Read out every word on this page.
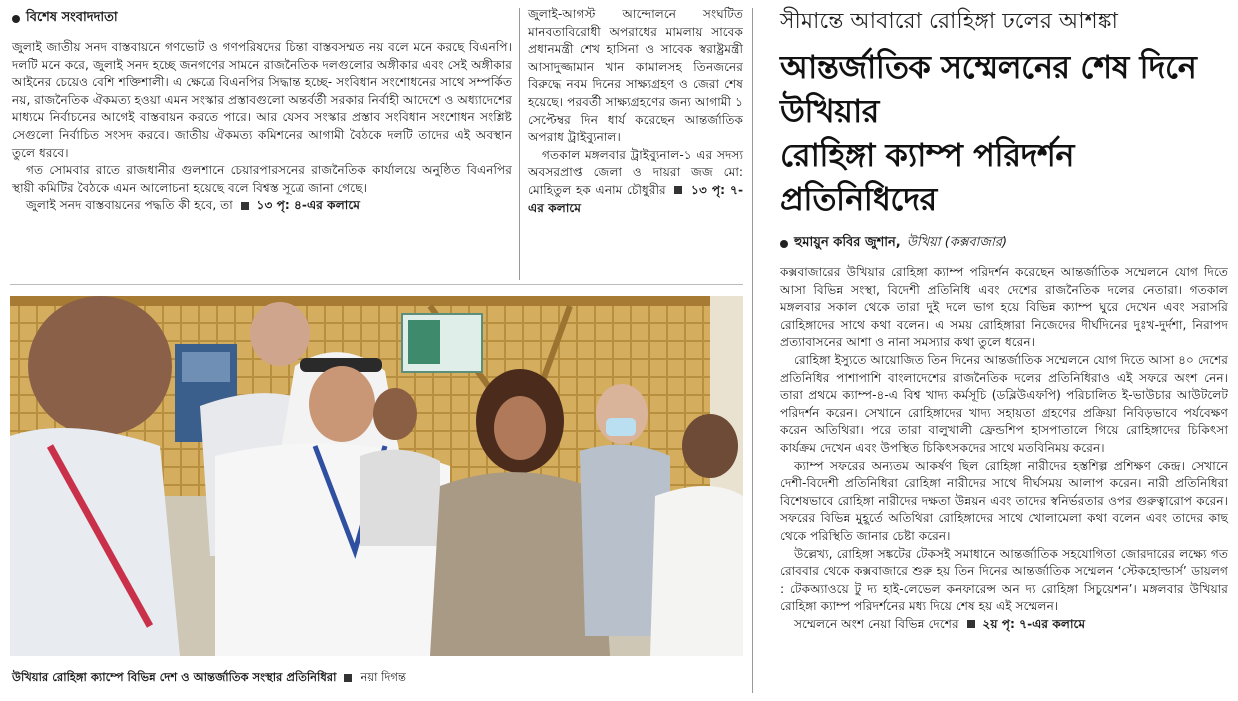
বিশেষ সংবাদদাতা

জুলাই জাতীয় সনদ বাস্তবায়নে গণভোট ও গণপরিষদের চিন্তা বাস্তবসম্মত নয় বলে মনে করছে বিএনপি। দলটি মনে করে, জুলাই সনদ হচ্ছে জনগণের সামনে রাজনৈতিক দলগুলোর অঙ্গীকার এবং সেই অঙ্গীকার আইনের চেয়েও বেশি শক্তিশালী। এ ক্ষেত্রে বিএনপির সিদ্ধান্ত হচ্ছে- সংবিধান সংশোধনের সাথে সম্পর্কিত নয়, রাজনৈতিক ঐকমত্য হওয়া এমন সংস্কার প্রস্তাবগুলো অন্তর্বর্তী সরকার নির্বাহী আদেশে ও অধ্যাদেশের মাধ্যমে নির্বাচনের আগেই বাস্তবায়ন করতে পারে। আর যেসব সংস্কার প্রস্তাব সংবিধান সংশোধন সংশ্লিষ্ট সেগুলো নির্বাচিত সংসদ করবে। জাতীয় ঐকমত্য কমিশনের আগামী বৈঠকে দলটি তাদের এই অবস্থান তুলে ধরবে।

গত সোমবার রাতে রাজধানীর গুলশানে চেয়ারপারসনের রাজনৈতিক কার্যালয়ে অনুষ্ঠিত বিএনপির স্থায়ী কমিটির বৈঠকে এমন আলোচনা হয়েছে বলে বিশ্বস্ত সূত্রে জানা গেছে।

জুলাই সনদ বাস্তবায়নের পদ্ধতি কী হবে, তা ১৩ পৃ: ৪-এর কলামে

জুলাই-আগস্ট আন্দোলনে সংঘটিত মানবতাবিরোধী অপরাধের মামলায় সাবেক প্রধানমন্ত্রী শেখ হাসিনা ও সাবেক স্বরাষ্ট্রমন্ত্রী আসাদুজ্জামান খান কামালসহ তিনজনের বিরুদ্ধে নবম দিনের সাক্ষ্যগ্রহণ ও জেরা শেষ হয়েছে। পরবর্তী সাক্ষ্যগ্রহণের জন্য আগামী ১ সেপ্টেম্বর দিন ধার্য করেছেন আন্তর্জাতিক অপরাধ ট্রাইব্যুনাল।

গতকাল মঙ্গলবার ট্রাইব্যুনাল-১ এর সদস্য অবসরপ্রাপ্ত জেলা ও দায়রা জজ মো: মোহিতুল হক এনাম চৌধুরীর ১৩ পৃ: ৭-এর কলামে

উখিয়ার রোহিঙ্গা ক্যাম্পে বিভিন্ন দেশ ও আন্তর্জাতিক সংস্থার প্রতিনিধিরা নয়া দিগন্ত
সীমান্তে আবারো রোহিঙ্গা ঢলের আশঙ্কা
আন্তর্জাতিক সম্মেলনের শেষ দিনে উখিয়ার
রোহিঙ্গা ক্যাম্প পরিদর্শন প্রতিনিধিদের
হুমায়ুন কবির জুশান, উখিয়া (কক্সবাজার)

কক্সবাজারের উখিয়ার রোহিঙ্গা ক্যাম্প পরিদর্শন করেছেন আন্তর্জাতিক সম্মেলনে যোগ দিতে আসা বিভিন্ন সংস্থা, বিদেশী প্রতিনিধি এবং দেশের রাজনৈতিক দলের নেতারা। গতকাল মঙ্গলবার সকাল থেকে তারা দুই দলে ভাগ হয়ে বিভিন্ন ক্যাম্প ঘুরে দেখেন এবং সরাসরি রোহিঙ্গাদের সাথে কথা বলেন। এ সময় রোহিঙ্গারা নিজেদের দীর্ঘদিনের দুঃখ-দুর্দশা, নিরাপদ প্রত্যাবাসনের আশা ও নানা সমস্যার কথা তুলে ধরেন।

রোহিঙ্গা ইস্যুতে আয়োজিত তিন দিনের আন্তর্জাতিক সম্মেলনে যোগ দিতে আসা ৪০ দেশের প্রতিনিধির পাশাপাশি বাংলাদেশের রাজনৈতিক দলের প্রতিনিধিরাও এই সফরে অংশ নেন। তারা প্রথমে ক্যাম্প-৪-এ বিশ্ব খাদ্য কর্মসূচি (ডব্লিউএফপি) পরিচালিত ই-ভাউচার আউটলেট পরিদর্শন করেন। সেখানে রোহিঙ্গাদের খাদ্য সহায়তা গ্রহণের প্রক্রিয়া নিবিড়ভাবে পর্যবেক্ষণ করেন অতিথিরা। পরে তারা বালুখালী ফ্রেন্ডশিপ হাসপাতালে গিয়ে রোহিঙ্গাদের চিকিৎসা কার্যক্রম দেখেন এবং উপস্থিত চিকিৎসকদের সাথে মতবিনিময় করেন।

ক্যাম্প সফরের অন্যতম আকর্ষণ ছিল রোহিঙ্গা নারীদের হস্তশিল্প প্রশিক্ষণ কেন্দ্র। সেখানে দেশী-বিদেশী প্রতিনিধিরা রোহিঙ্গা নারীদের সাথে দীর্ঘসময় আলাপ করেন। নারী প্রতিনিধিরা বিশেষভাবে রোহিঙ্গা নারীদের দক্ষতা উন্নয়ন এবং তাদের স্বনির্ভরতার ওপর গুরুত্বারোপ করেন। সফরের বিভিন্ন মুহূর্তে অতিথিরা রোহিঙ্গাদের সাথে খোলামেলা কথা বলেন এবং তাদের কাছ থেকে পরিস্থিতি জানার চেষ্টা করেন।

উল্লেখ্য, রোহিঙ্গা সঙ্কটের টেকসই সমাধানে আন্তর্জাতিক সহযোগিতা জোরদারের লক্ষ্যে গত রোববার থেকে কক্সবাজারে শুরু হয় তিন দিনের আন্তর্জাতিক সম্মেলন ‘স্টেকহোল্ডার্স’ ডায়লগ : টেকঅ্যাওয়ে টু দ্য হাই-লেভেল কনফারেন্স অন দ্য রোহিঙ্গা সিচুয়েশন’। মঙ্গলবার উখিয়ার রোহিঙ্গা ক্যাম্প পরিদর্শনের মধ্য দিয়ে শেষ হয় এই সম্মেলন।

সম্মেলনে অংশ নেয়া বিভিন্ন দেশের ২য় পৃ: ৭-এর কলামে
